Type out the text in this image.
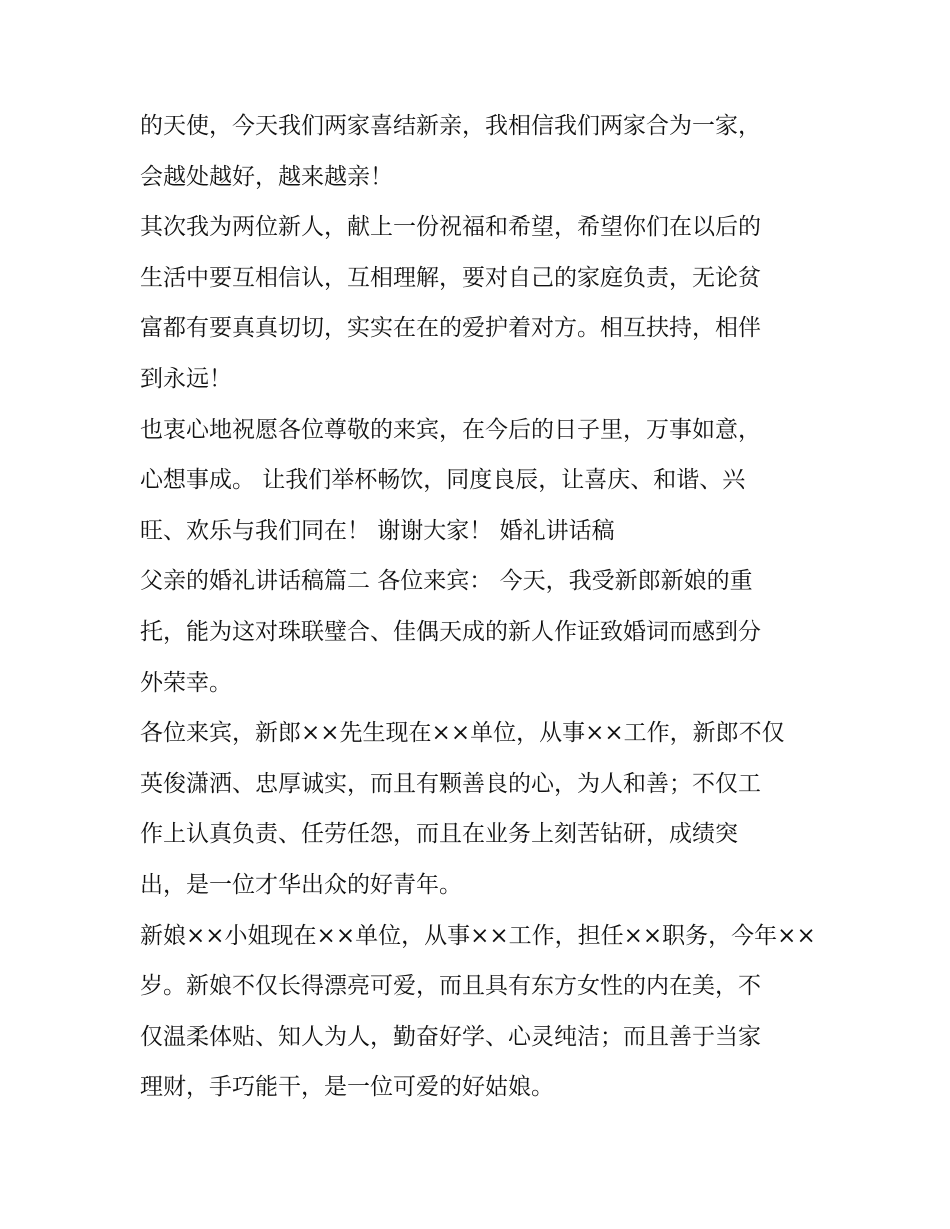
的天使，今天我们两家喜结新亲，我相信我们两家合为一家，
会越处越好，越来越亲！
其次我为两位新人，献上一份祝福和希望，希望你们在以后的
生活中要互相信认，互相理解，要对自己的家庭负责，无论贫
富都有要真真切切，实实在在的爱护着对方。相互扶持，相伴
到永远！
也衷心地祝愿各位尊敬的来宾，在今后的日子里，万事如意，
心想事成。 让我们举杯畅饮，同度良辰，让喜庆、和谐、兴
旺、欢乐与我们同在！ 谢谢大家！ 婚礼讲话稿
父亲的婚礼讲话稿篇二 各位来宾： 今天，我受新郎新娘的重
托，能为这对珠联璧合、佳偶天成的新人作证致婚词而感到分
外荣幸。
各位来宾，新郎××先生现在××单位，从事××工作，新郎不仅
英俊潇洒、忠厚诚实，而且有颗善良的心，为人和善；不仅工
作上认真负责、任劳任怨，而且在业务上刻苦钻研，成绩突
出，是一位才华出众的好青年。
新娘××小姐现在××单位，从事××工作，担任××职务，今年××
岁。新娘不仅长得漂亮可爱，而且具有东方女性的内在美，不
仅温柔体贴、知人为人，勤奋好学、心灵纯洁；而且善于当家
理财，手巧能干，是一位可爱的好姑娘。
